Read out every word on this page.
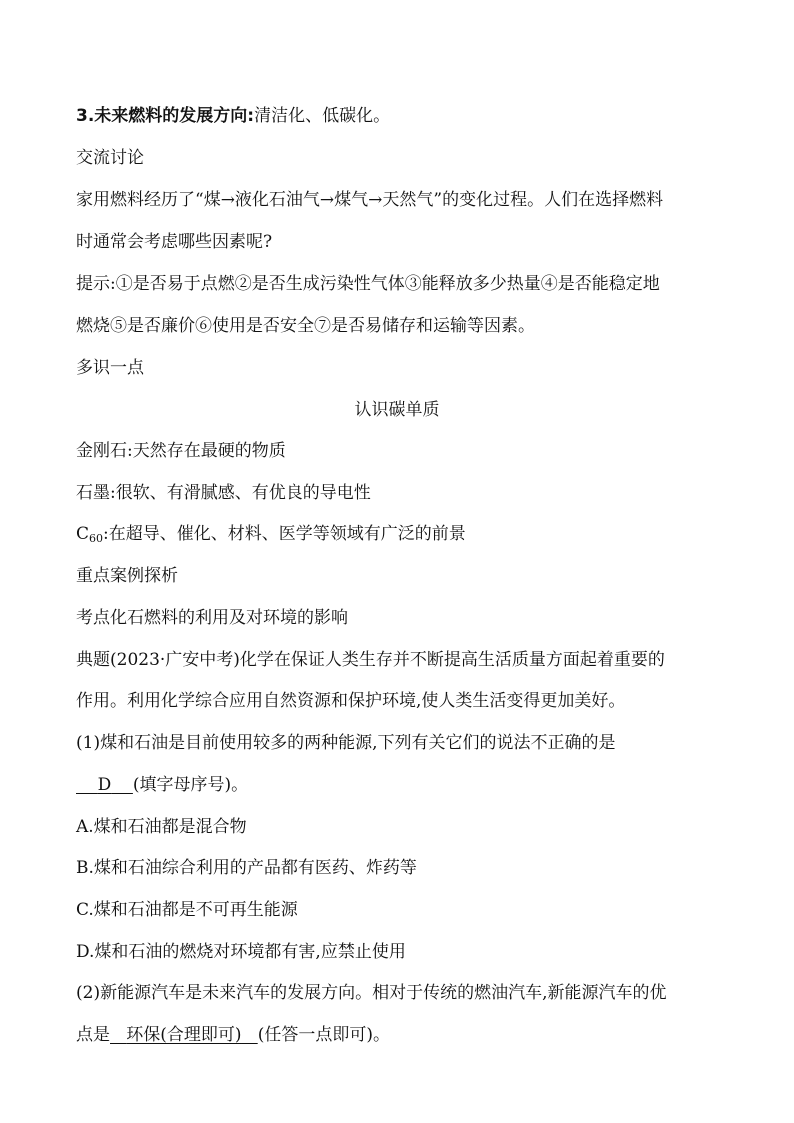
3.未来燃料的发展方向:清洁化、低碳化。
交流讨论
家用燃料经历了“煤→液化石油气→煤气→天然气”的变化过程。人们在选择燃料
时通常会考虑哪些因素呢?
提示:①是否易于点燃②是否生成污染性气体③能释放多少热量④是否能稳定地
燃烧⑤是否廉价⑥使用是否安全⑦是否易储存和运输等因素。
多识一点
认识碳单质
金刚石:天然存在最硬的物质
石墨:很软、有滑腻感、有优良的导电性
$C_{60}$:在超导、催化、材料、医学等领域有广泛的前景
重点案例探析
考点化石燃料的利用及对环境的影响
典题(2023·广安中考)化学在保证人类生存并不断提高生活质量方面起着重要的
作用。利用化学综合应用自然资源和保护环境,使人类生活变得更加美好。
(1)煤和石油是目前使用较多的两种能源,下列有关它们的说法不正确的是
D (填字母序号)。
A.煤和石油都是混合物
B.煤和石油综合利用的产品都有医药、炸药等
C.煤和石油都是不可再生能源
D.煤和石油的燃烧对环境都有害,应禁止使用
(2)新能源汽车是未来汽车的发展方向。相对于传统的燃油汽车,新能源汽车的优
点是 环保(合理即可) (任答一点即可)。
